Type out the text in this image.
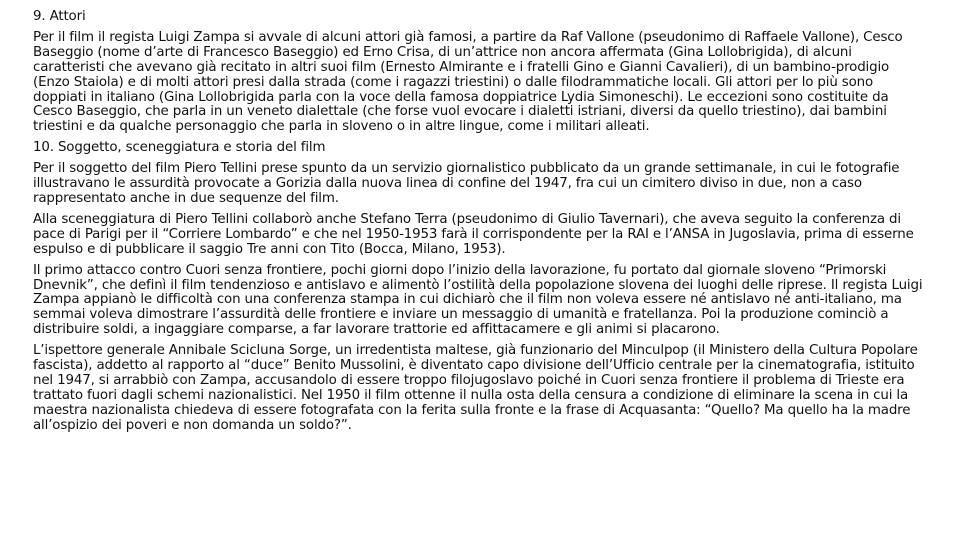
9. Attori

Per il film il regista Luigi Zampa si avvale di alcuni attori già famosi, a partire da Raf Vallone (pseudonimo di Raffaele Vallone), Cesco Baseggio (nome d’arte di Francesco Baseggio) ed Erno Crisa, di un’attrice non ancora affermata (Gina Lollobrigida), di alcuni caratteristi che avevano già recitato in altri suoi film (Ernesto Almirante e i fratelli Gino e Gianni Cavalieri), di un bambino-prodigio (Enzo Staiola) e di molti attori presi dalla strada (come i ragazzi triestini) o dalle filodrammatiche locali. Gli attori per lo più sono doppiati in italiano (Gina Lollobrigida parla con la voce della famosa doppiatrice Lydia Simoneschi). Le eccezioni sono costituite da Cesco Baseggio, che parla in un veneto dialettale (che forse vuol evocare i dialetti istriani, diversi da quello triestino), dai bambini triestini e da qualche personaggio che parla in sloveno o in altre lingue, come i militari alleati.

10. Soggetto, sceneggiatura e storia del film

Per il soggetto del film Piero Tellini prese spunto da un servizio giornalistico pubblicato da un grande settimanale, in cui le fotografie illustravano le assurdità provocate a Gorizia dalla nuova linea di confine del 1947, fra cui un cimitero diviso in due, non a caso rappresentato anche in due sequenze del film.

Alla sceneggiatura di Piero Tellini collaborò anche Stefano Terra (pseudonimo di Giulio Tavernari), che aveva seguito la conferenza di pace di Parigi per il “Corriere Lombardo” e che nel 1950-1953 farà il corrispondente per la RAI e l’ANSA in Jugoslavia, prima di esserne espulso e di pubblicare il saggio Tre anni con Tito (Bocca, Milano, 1953).

Il primo attacco contro Cuori senza frontiere, pochi giorni dopo l’inizio della lavorazione, fu portato dal giornale sloveno “Primorski Dnevnik”, che definì il film tendenzioso e antislavo e alimentò l’ostilità della popolazione slovena dei luoghi delle riprese. Il regista Luigi Zampa appianò le difficoltà con una conferenza stampa in cui dichiarò che il film non voleva essere né antislavo né anti-italiano, ma semmai voleva dimostrare l’assurdità delle frontiere e inviare un messaggio di umanità e fratellanza. Poi la produzione cominciò a distribuire soldi, a ingaggiare comparse, a far lavorare trattorie ed affittacamere e gli animi si placarono.

L’ispettore generale Annibale Scicluna Sorge, un irredentista maltese, già funzionario del Minculpop (il Ministero della Cultura Popolare fascista), addetto al rapporto al “duce” Benito Mussolini, è diventato capo divisione dell’Ufficio centrale per la cinematografia, istituito nel 1947, si arrabbiò con Zampa, accusandolo di essere troppo filojugoslavo poiché in Cuori senza frontiere il problema di Trieste era trattato fuori dagli schemi nazionalistici. Nel 1950 il film ottenne il nulla osta della censura a condizione di eliminare la scena in cui la maestra nazionalista chiedeva di essere fotografata con la ferita sulla fronte e la frase di Acquasanta: “Quello? Ma quello ha la madre all’ospizio dei poveri e non domanda un soldo?”.
